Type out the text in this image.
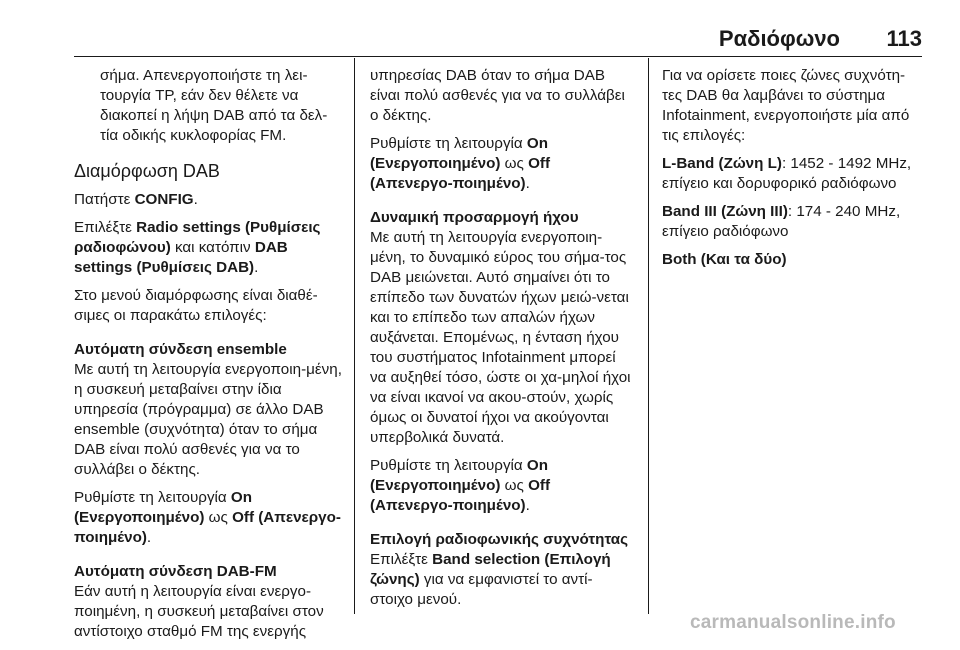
Ραδιόφωνο 113

σήμα. Απενεργοποιήστε τη λει-τουργία TP, εάν δεν θέλετε να διακοπεί η λήψη DAB από τα δελ-τία οδικής κυκλοφορίας FM.

Διαμόρφωση DAB

Πατήστε CONFIG.

Επιλέξτε Radio settings (Ρυθμίσεις ραδιοφώνου) και κατόπιν DAB settings (Ρυθμίσεις DAB).

Στο μενού διαμόρφωσης είναι διαθέ-σιμες οι παρακάτω επιλογές:

Αυτόματη σύνδεση ensemble

Με αυτή τη λειτουργία ενεργοποιη-μένη, η συσκευή μεταβαίνει στην ίδια υπηρεσία (πρόγραμμα) σε άλλο DAB ensemble (συχνότητα) όταν το σήμα DAB είναι πολύ ασθενές για να το συλλάβει ο δέκτης.

Ρυθμίστε τη λειτουργία On (Ενεργοποιημένο) ως Off (Απενεργο-ποιημένο).

Αυτόματη σύνδεση DAB-FM

Εάν αυτή η λειτουργία είναι ενεργο-ποιημένη, η συσκευή μεταβαίνει στον αντίστοιχο σταθμό FM της ενεργής

υπηρεσίας DAB όταν το σήμα DAB είναι πολύ ασθενές για να το συλλάβει ο δέκτης.

Ρυθμίστε τη λειτουργία On (Ενεργοποιημένο) ως Off (Απενεργο-ποιημένο).

Δυναμική προσαρμογή ήχου

Με αυτή τη λειτουργία ενεργοποιη-μένη, το δυναμικό εύρος του σήμα-τος DAB μειώνεται. Αυτό σημαίνει ότι το επίπεδο των δυνατών ήχων μειώ-νεται και το επίπεδο των απαλών ήχων αυξάνεται. Επομένως, η ένταση ήχου του συστήματος Infotainment μπορεί να αυξηθεί τόσο, ώστε οι χα-μηλοί ήχοι να είναι ικανοί να ακου-στούν, χωρίς όμως οι δυνατοί ήχοι να ακούγονται υπερβολικά δυνατά.

Ρυθμίστε τη λειτουργία On (Ενεργοποιημένο) ως Off (Απενεργο-ποιημένο).

Επιλογή ραδιοφωνικής συχνότητας

Επιλέξτε Band selection (Επιλογή ζώνης) για να εμφανιστεί το αντί-στοιχο μενού.

Για να ορίσετε ποιες ζώνες συχνότη-τες DAB θα λαμβάνει το σύστημα Infotainment, ενεργοποιήστε μία από τις επιλογές:

L-Band (Ζώνη L): 1452 - 1492 MHz, επίγειο και δορυφορικό ραδιόφωνο

Band III (Ζώνη III): 174 - 240 MHz, επίγειο ραδιόφωνο

Both (Και τα δύο)

carmanualsonline.info
